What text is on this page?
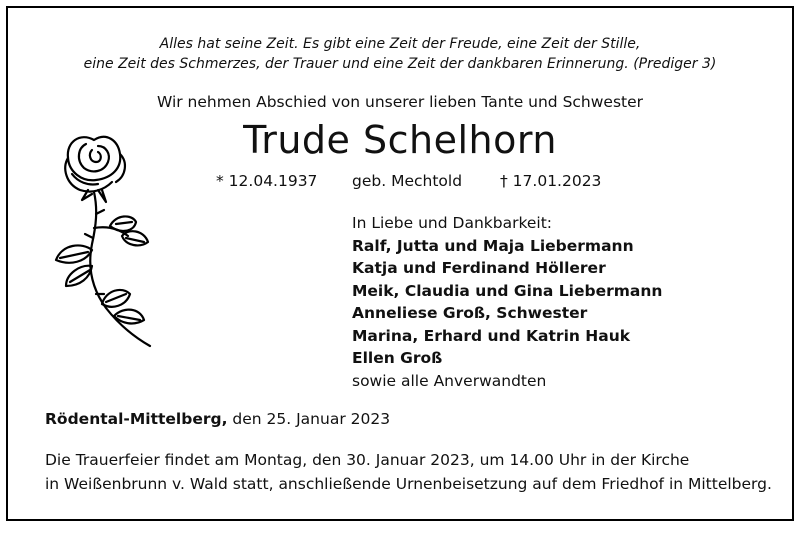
Alles hat seine Zeit. Es gibt eine Zeit der Freude, eine Zeit der Stille,
eine Zeit des Schmerzes, der Trauer und eine Zeit der dankbaren Erinnerung. (Prediger 3)
Wir nehmen Abschied von unserer lieben Tante und Schwester
Trude Schelhorn
* 12.04.1937 geb. Mechtold † 17.01.2023
In Liebe und Dankbarkeit:
Ralf, Jutta und Maja Liebermann
Katja und Ferdinand Höllerer
Meik, Claudia und Gina Liebermann
Anneliese Groß, Schwester
Marina, Erhard und Katrin Hauk
Ellen Groß
sowie alle Anverwandten
Rödental-Mittelberg, den 25. Januar 2023
Die Trauerfeier findet am Montag, den 30. Januar 2023, um 14.00 Uhr in der Kirche
in Weißenbrunn v. Wald statt, anschließende Urnenbeisetzung auf dem Friedhof in Mittelberg.
